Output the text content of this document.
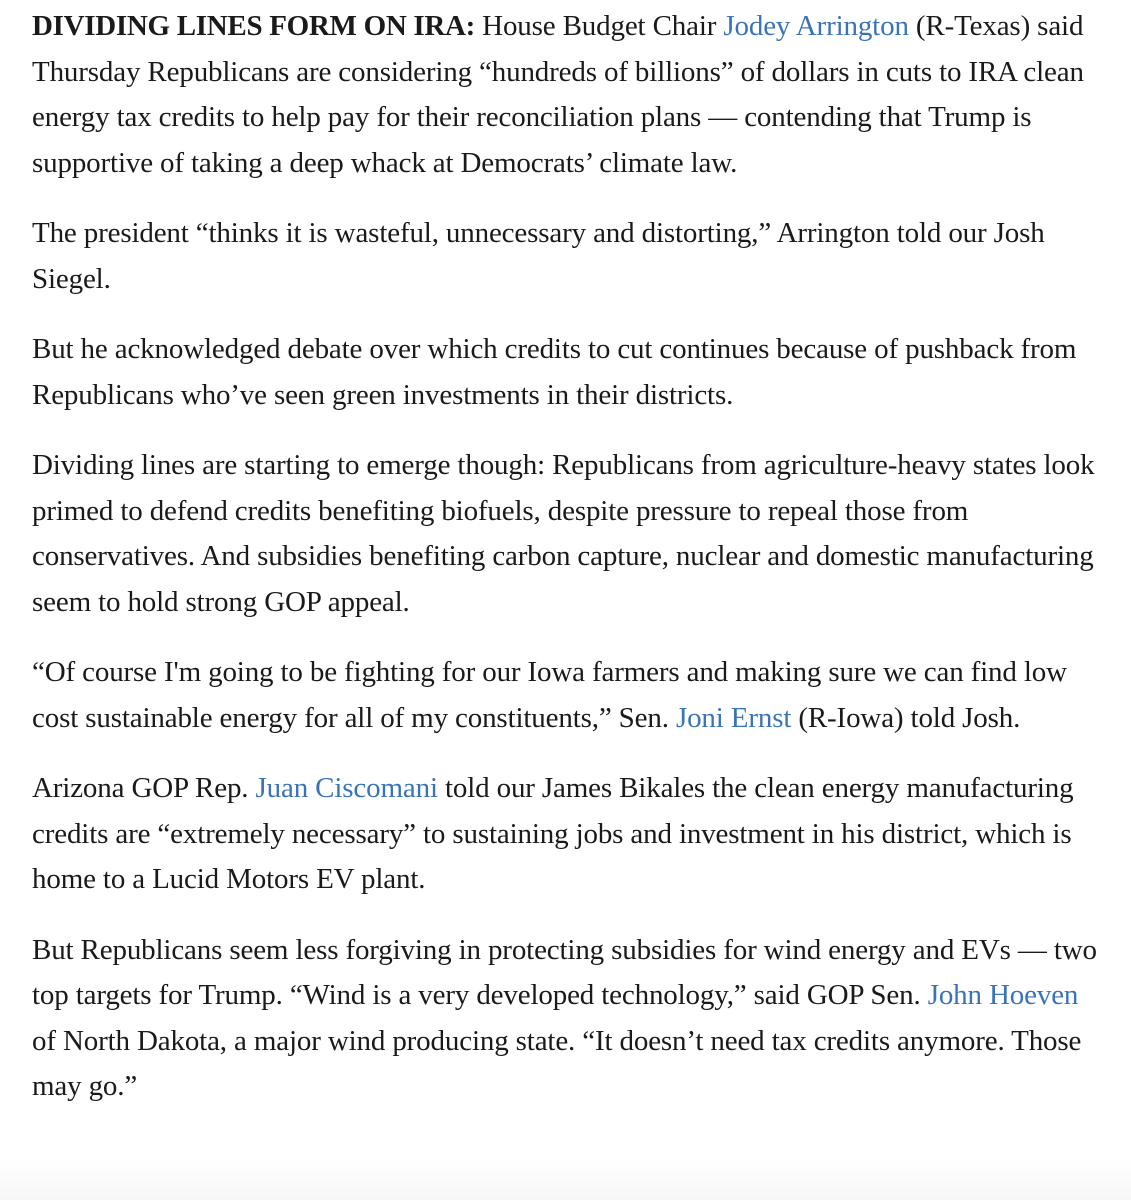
DIVIDING LINES FORM ON IRA: House Budget Chair Jodey Arrington (R-Texas) said Thursday Republicans are considering “hundreds of billions” of dollars in cuts to IRA clean energy tax credits to help pay for their reconciliation plans — contending that Trump is supportive of taking a deep whack at Democrats’ climate law.

The president “thinks it is wasteful, unnecessary and distorting,” Arrington told our Josh Siegel.

But he acknowledged debate over which credits to cut continues because of pushback from Republicans who’ve seen green investments in their districts.

Dividing lines are starting to emerge though: Republicans from agriculture-heavy states look primed to defend credits benefiting biofuels, despite pressure to repeal those from conservatives. And subsidies benefiting carbon capture, nuclear and domestic manufacturing seem to hold strong GOP appeal.

“Of course I'm going to be fighting for our Iowa farmers and making sure we can find low cost sustainable energy for all of my constituents,” Sen. Joni Ernst (R-Iowa) told Josh.

Arizona GOP Rep. Juan Ciscomani told our James Bikales the clean energy manufacturing credits are “extremely necessary” to sustaining jobs and investment in his district, which is home to a Lucid Motors EV plant.

But Republicans seem less forgiving in protecting subsidies for wind energy and EVs — two top targets for Trump. “Wind is a very developed technology,” said GOP Sen. John Hoeven of North Dakota, a major wind producing state. “It doesn’t need tax credits anymore. Those may go.”
